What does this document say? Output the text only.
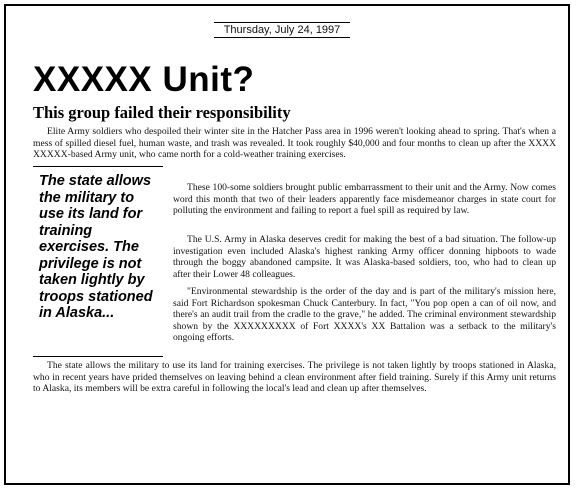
Thursday, July 24, 1997
XXXXX Unit?
This group failed their responsibility

Elite Army soldiers who despoiled their winter site in the Hatcher Pass area in 1996 weren't looking ahead to spring. That's when a mess of spilled diesel fuel, human waste, and trash was revealed. It took roughly $40,000 and four months to clean up after the XXXX XXXXX-based Army unit, who came north for a cold-weather training exercises.

The state allows the military to use its land for training exercises. The privilege is not taken lightly by troops stationed in Alaska...

These 100-some soldiers brought public embarrassment to their unit and the Army. Now comes word this month that two of their leaders apparently face misdemeanor charges in state court for polluting the environment and failing to report a fuel spill as required by law.

The U.S. Army in Alaska deserves credit for making the best of a bad situation. The follow-up investigation even included Alaska's highest ranking Army officer donning hipboots to wade through the boggy abandoned campsite. It was Alaska-based soldiers, too, who had to clean up after their Lower 48 colleagues.

"Environmental stewardship is the order of the day and is part of the military's mission here, said Fort Richardson spokesman Chuck Canterbury. In fact, "You pop open a can of oil now, and there's an audit trail from the cradle to the grave," he added. The criminal environment stewardship shown by the XXXXXXXXX of Fort XXXX's XX Battalion was a setback to the military's ongoing efforts.

The state allows the military to use its land for training exercises. The privilege is not taken lightly by troops stationed in Alaska, who in recent years have prided themselves on leaving behind a clean environment after field training. Surely if this Army unit returns to Alaska, its members will be extra careful in following the local's lead and clean up after themselves.
